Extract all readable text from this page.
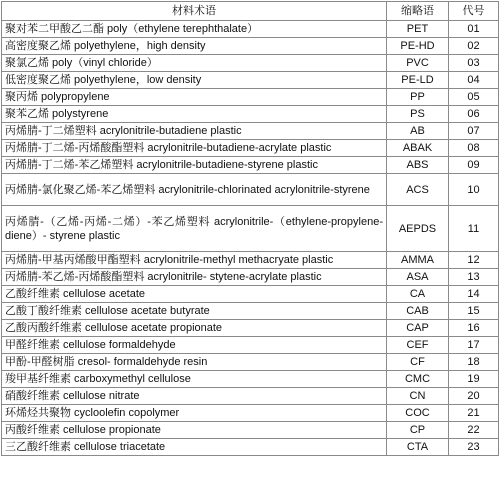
材料术语	缩略语	代号
聚对苯二甲酸乙二酯 poly（ethylene terephthalate）	PET	01
高密度聚乙烯 polyethylene，high density	PE-HD	02
聚氯乙烯 poly（vinyl chloride）	PVC	03
低密度聚乙烯 polyethylene，low density	PE-LD	04
聚丙烯 polypropylene	PP	05
聚苯乙烯 polystyrene	PS	06
丙烯腈-丁二烯塑料 acrylonitrile-butadiene plastic	AB	07
丙烯腈-丁二烯-丙烯酸酯塑料 acrylonitrile-butadiene-acrylate plastic	ABAK	08
丙烯腈-丁二烯-苯乙烯塑料 acrylonitrile-butadiene-styrene plastic	ABS	09
丙烯腈-氯化聚乙烯-苯乙烯塑料 acrylonitrile-chlorinated acrylonitrile-styrene	ACS	10
丙烯腈-（乙烯-丙烯-二烯）-苯乙烯塑料 acrylonitrile-（ethylene-propylene-diene）- styrene plastic	AEPDS	11
丙烯腈-甲基丙烯酸甲酯塑料 acrylonitrile-methyl methacryate plastic	AMMA	12
丙烯腈-苯乙烯-丙烯酸酯塑料 acrylonitrile- stytene-acrylate plastic	ASA	13
乙酸纤维素 cellulose acetate	CA	14
乙酸丁酸纤维素 cellulose acetate butyrate	CAB	15
乙酸丙酸纤维素 cellulose acetate propionate	CAP	16
甲醛纤维素 cellulose formaldehyde	CEF	17
甲酚-甲醛树脂 cresol- formaldehyde resin	CF	18
羧甲基纤维素 carboxymethyl cellulose	CMC	19
硝酸纤维素 cellulose nitrate	CN	20
环烯烃共聚物 cycloolefin copolymer	COC	21
丙酸纤维素 cellulose propionate	CP	22
三乙酸纤维素 cellulose triacetate	CTA	23
